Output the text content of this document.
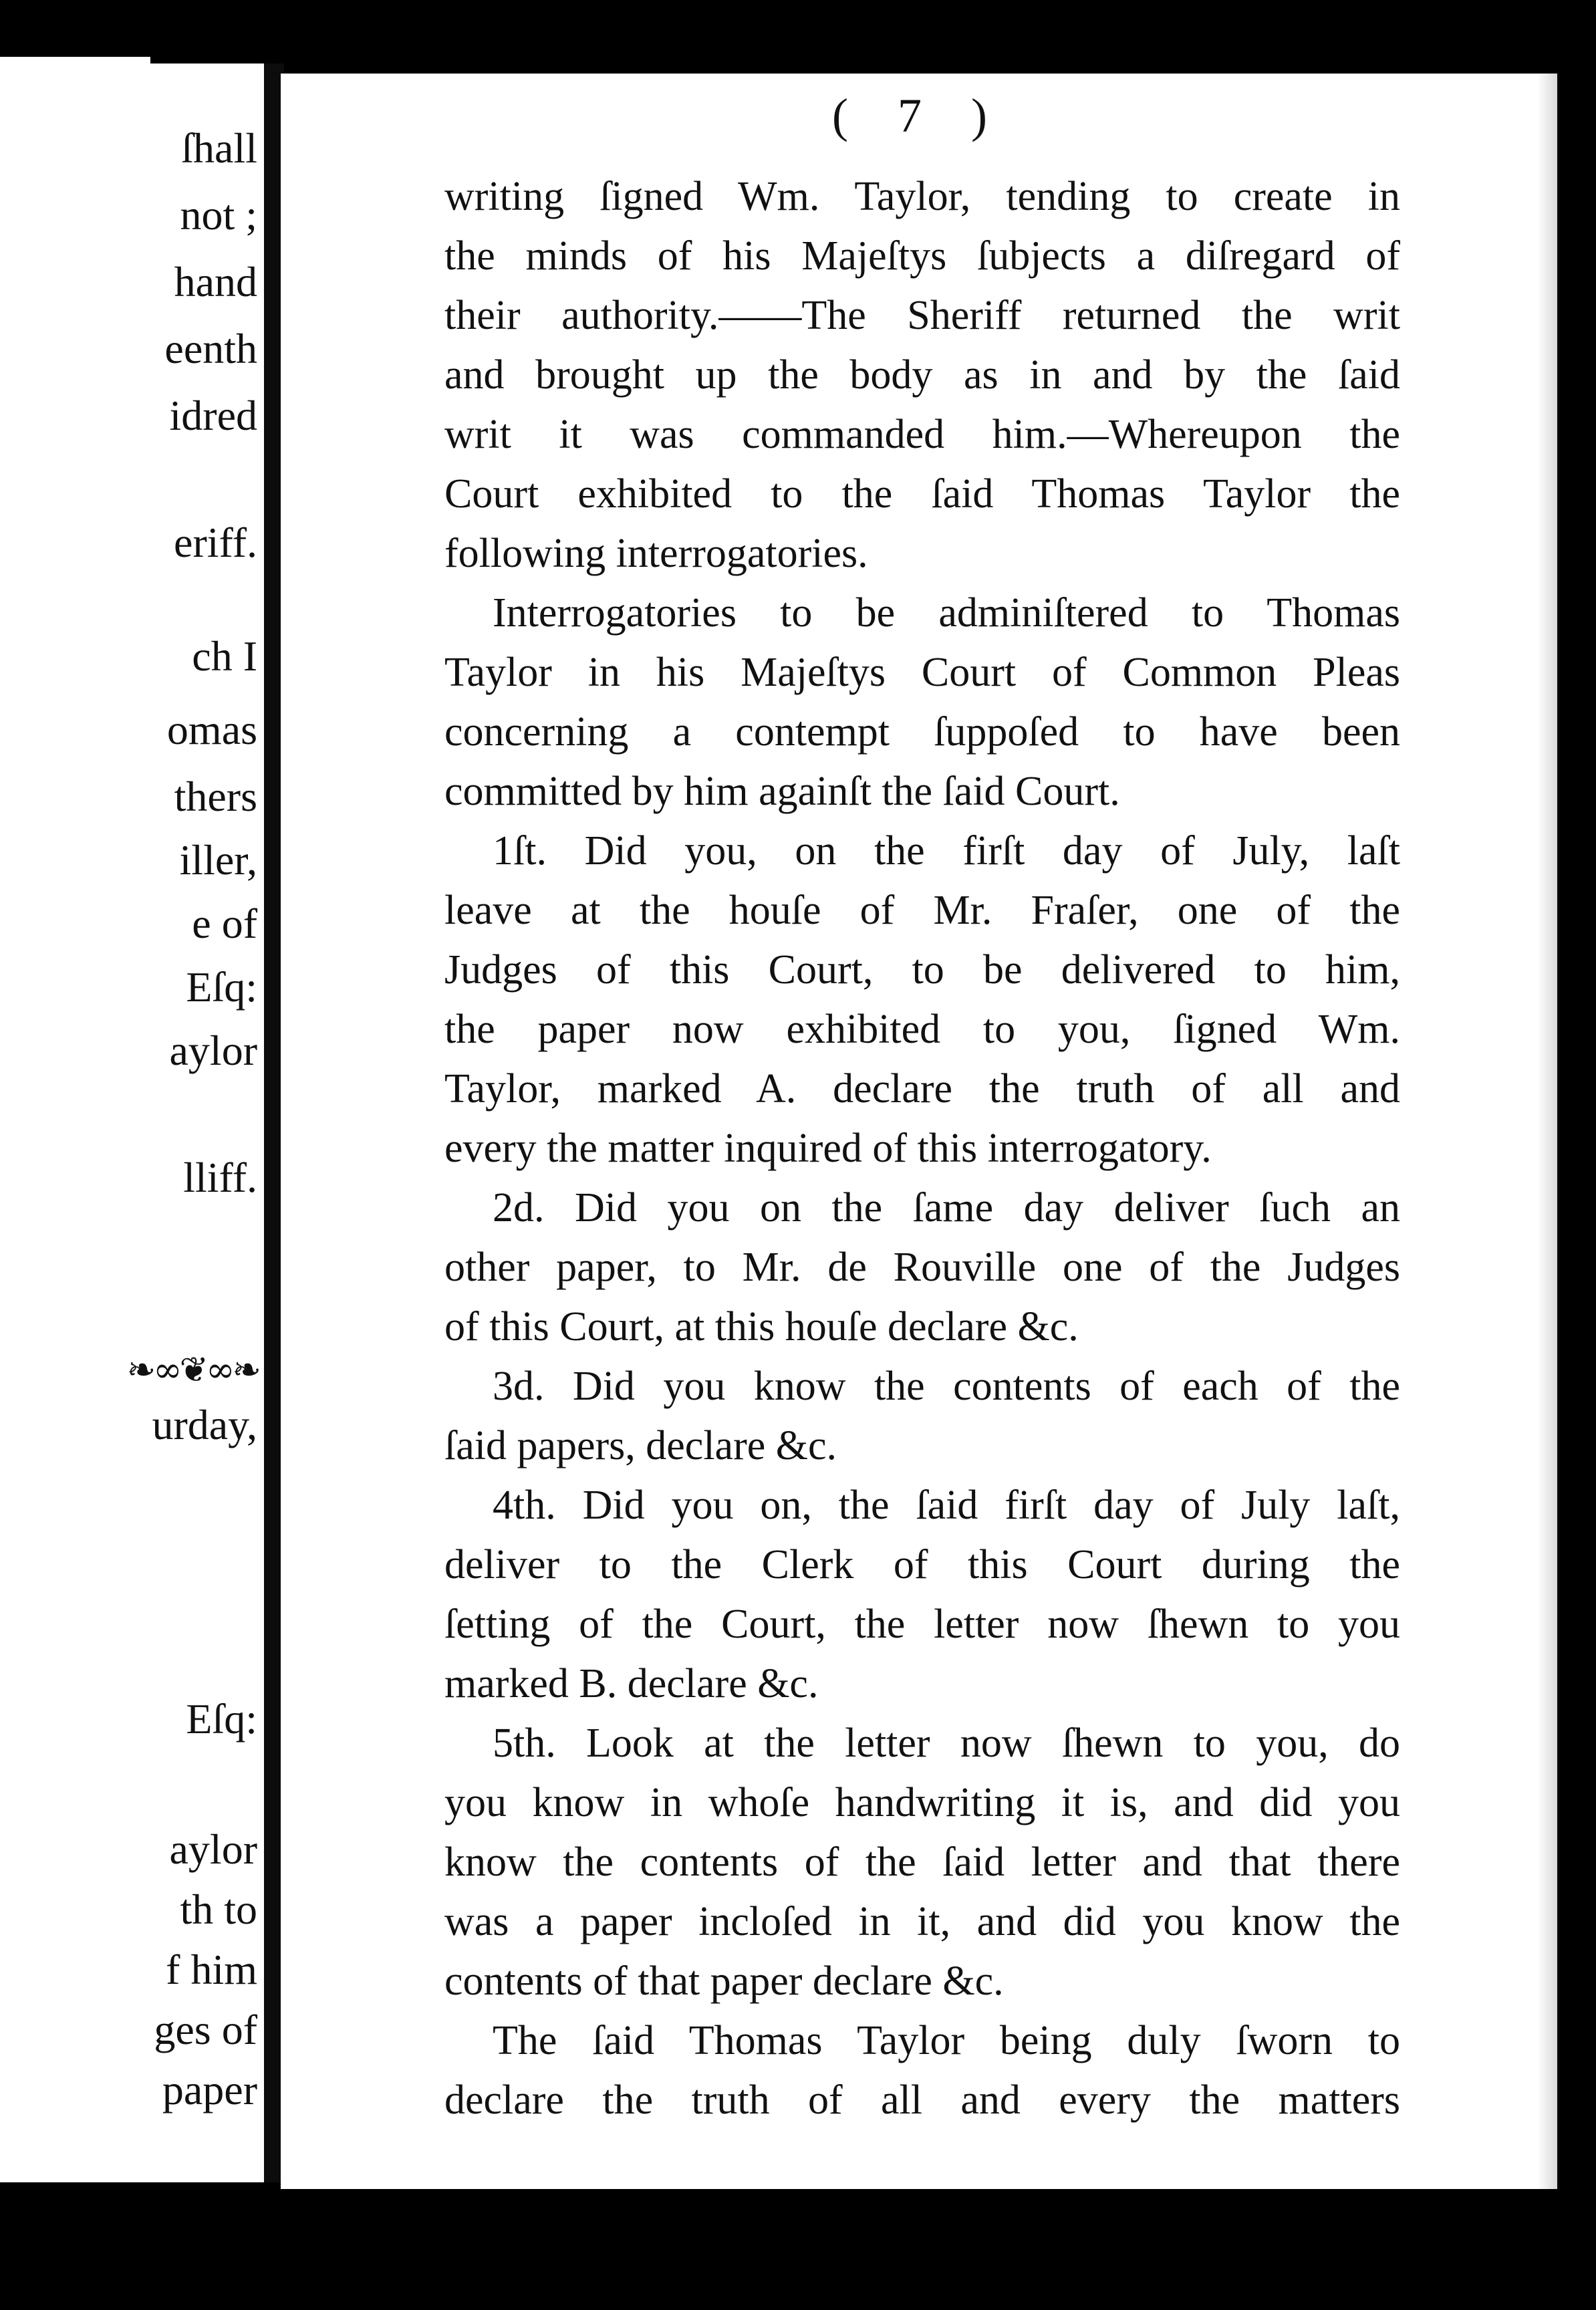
ſhall
not ;
hand
eenth
idred
eriff.
ch I
omas
thers
iller,
e of
Eſq:
aylor
lliff.
urday,
Eſq:
aylor
th to
f him
ges of
paper
❧∞❦∞❧
( 7 )
writing ſigned Wm. Taylor, tending to create in
the minds of his Majeſtys ſubjects a diſregard of
their authority.——The Sheriff returned the writ
and brought up the body as in and by the ſaid
writ it was commanded him.—Whereupon the
Court exhibited to the ſaid Thomas Taylor the
following interrogatories.
Interrogatories to be adminiſtered to Thomas
Taylor in his Majeſtys Court of Common Pleas
concerning a contempt ſuppoſed to have been
committed by him againſt the ſaid Court.
1ſt. Did you, on the firſt day of July, laſt
leave at the houſe of Mr. Fraſer, one of the
Judges of this Court, to be delivered to him,
the paper now exhibited to you, ſigned Wm.
Taylor, marked A. declare the truth of all and
every the matter inquired of this interrogatory.
2d. Did you on the ſame day deliver ſuch an
other paper, to Mr. de Rouville one of the Judges
of this Court, at this houſe declare &c.
3d. Did you know the contents of each of the
ſaid papers, declare &c.
4th. Did you on, the ſaid firſt day of July laſt,
deliver to the Clerk of this Court during the
ſetting of the Court, the letter now ſhewn to you
marked B. declare &c.
5th. Look at the letter now ſhewn to you, do
you know in whoſe handwriting it is, and did you
know the contents of the ſaid letter and that there
was a paper incloſed in it, and did you know the
contents of that paper declare &c.
The ſaid Thomas Taylor being duly ſworn to
declare the truth of all and every the matters
